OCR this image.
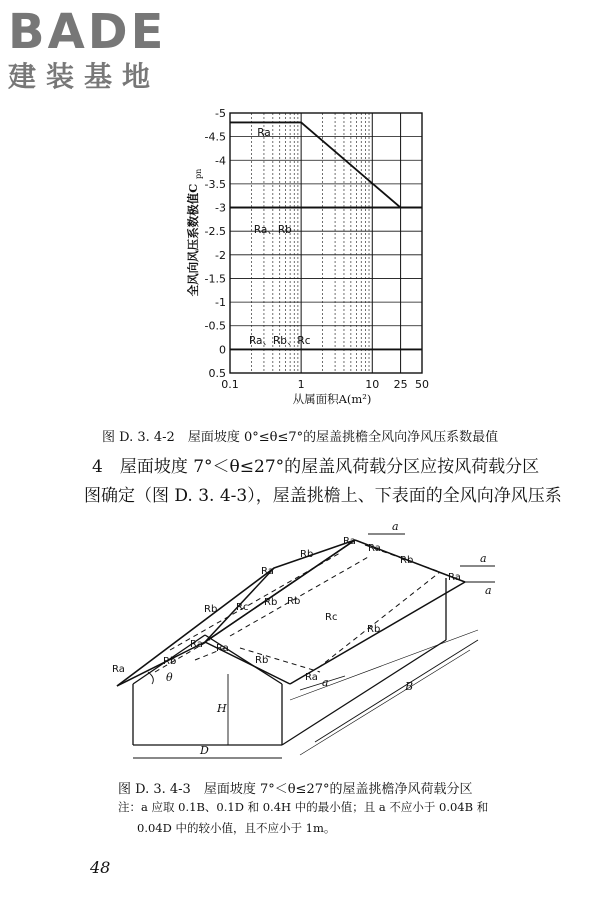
BADE
建装基地
-5
-4.5
-4
-3.5
-3
-2.5
-2
-1.5
-1
-0.5
0
0.5
0.1	1	10 25 50
Ra
Ra、Rb
Ra、Rb、Rc
从属面积A(m²)
全风向风压系数极值C
pn
图 D. 3. 4-2　屋面坡度 0°≤θ≤7°的屋盖挑檐全风向净风压系数最值
4　屋面坡度 7°＜θ≤27°的屋盖风荷载分区应按风荷载分区
图确定（图 D. 3. 4-3），屋盖挑檐上、下表面的全风向净风压系
Ra
Ra
Rb
Ra
Rb
Ra
Rb Rc Rb Rb
Rc
Rb
Ra Ra
Rb
Ra
Ra
Rb
a
a
a
a
θ
H
D
B
图 D. 3. 4-3　屋面坡度 7°＜θ≤27°的屋盖挑檐净风荷载分区
注：a 应取 0.1B、0.1D 和 0.4H 中的最小值；且 a 不应小于 0.04B 和
0.04D 中的较小值，且不应小于 1m。
48
